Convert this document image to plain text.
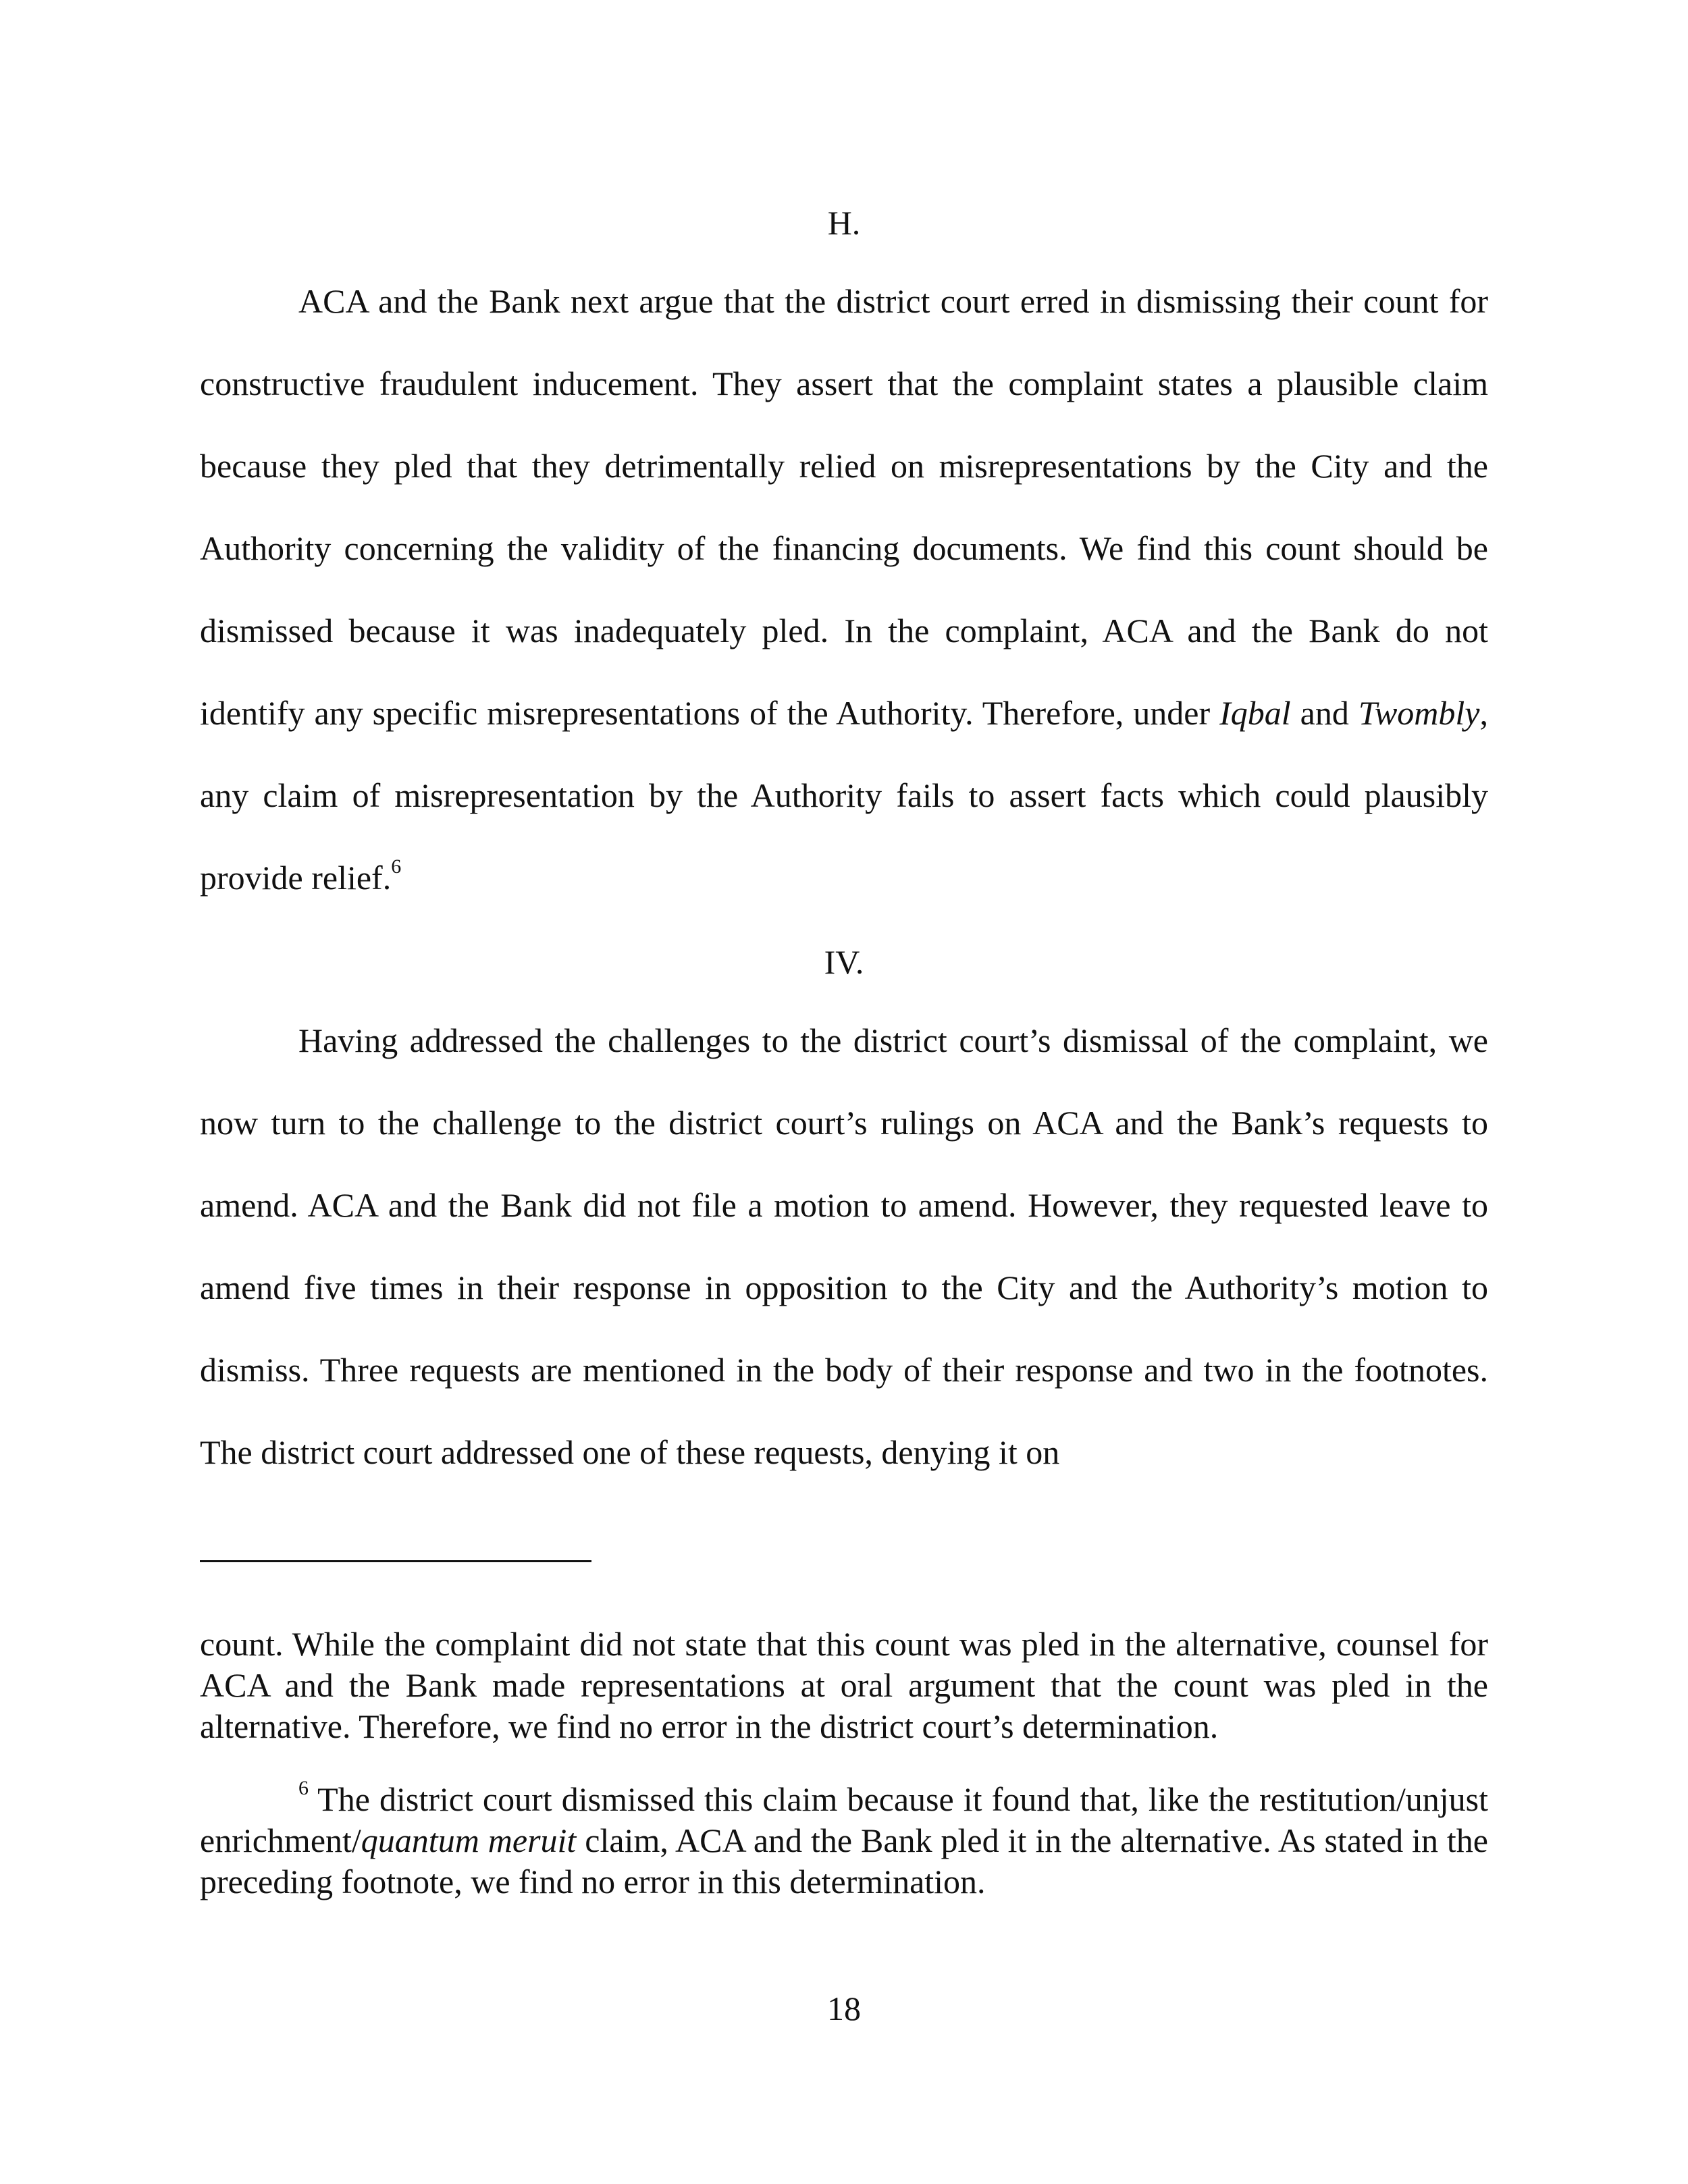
H.

ACA and the Bank next argue that the district court erred in dismissing their count for constructive fraudulent inducement. They assert that the complaint states a plausible claim because they pled that they detrimentally relied on misrepresentations by the City and the Authority concerning the validity of the financing documents. We find this count should be dismissed because it was inadequately pled. In the complaint, ACA and the Bank do not identify any specific misrepresentations of the Authority. Therefore, under Iqbal and Twombly, any claim of misrepresentation by the Authority fails to assert facts which could plausibly provide relief.$^6$

IV.

Having addressed the challenges to the district court’s dismissal of the complaint, we now turn to the challenge to the district court’s rulings on ACA and the Bank’s requests to amend. ACA and the Bank did not file a motion to amend. However, they requested leave to amend five times in their response in opposition to the City and the Authority’s motion to dismiss. Three requests are mentioned in the body of their response and two in the footnotes. The district court addressed one of these requests, denying it on

count. While the complaint did not state that this count was pled in the alternative, counsel for ACA and the Bank made representations at oral argument that the count was pled in the alternative. Therefore, we find no error in the district court’s determination.

$^6$ The district court dismissed this claim because it found that, like the restitution/unjust enrichment/quantum meruit claim, ACA and the Bank pled it in the alternative. As stated in the preceding footnote, we find no error in this determination.

18
